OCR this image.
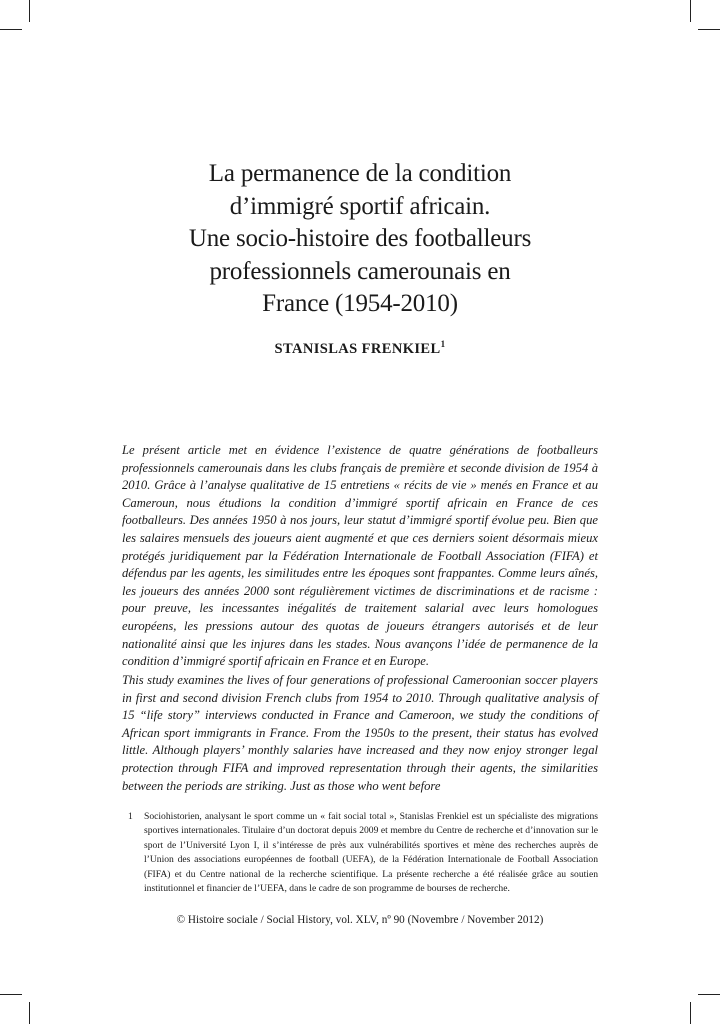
La permanence de la condition
d’immigré sportif africain.
Une socio-histoire des footballeurs
professionnels camerounais en
France (1954-2010)
STANISLAS FRENKIEL$^1$

Le présent article met en évidence l’existence de quatre générations de footballeurs professionnels camerounais dans les clubs français de première et seconde division de 1954 à 2010. Grâce à l’analyse qualitative de 15 entretiens « récits de vie » menés en France et au Cameroun, nous étudions la condition d’immigré sportif africain en France de ces footballeurs. Des années 1950 à nos jours, leur statut d’immigré sportif évolue peu. Bien que les salaires mensuels des joueurs aient augmenté et que ces derniers soient désormais mieux protégés juridiquement par la Fédération Internationale de Football Association (FIFA) et défendus par les agents, les similitudes entre les époques sont frappantes. Comme leurs aînés, les joueurs des années 2000 sont régulièrement victimes de discriminations et de racisme : pour preuve, les incessantes inégalités de traitement salarial avec leurs homologues européens, les pressions autour des quotas de joueurs étrangers autorisés et de leur nationalité ainsi que les injures dans les stades. Nous avançons l’idée de permanence de la condition d’immigré sportif africain en France et en Europe.

This study examines the lives of four generations of professional Cameroonian soccer players in first and second division French clubs from 1954 to 2010. Through qualitative analysis of 15 “life story” interviews conducted in France and Cameroon, we study the conditions of African sport immigrants in France. From the 1950s to the present, their status has evolved little. Although players’ monthly salaries have increased and they now enjoy stronger legal protection through FIFA and improved representation through their agents, the similarities between the periods are striking. Just as those who went before

1	Sociohistorien, analysant le sport comme un « fait social total », Stanislas Frenkiel est un spécialiste des migrations sportives internationales. Titulaire d’un doctorat depuis 2009 et membre du Centre de recherche et d’innovation sur le sport de l’Université Lyon I, il s’intéresse de près aux vulnérabilités sportives et mène des recherches auprès de l’Union des associations européennes de football (UEFA), de la Fédération Internationale de Football Association (FIFA) et du Centre national de la recherche scientifique. La présente recherche a été réalisée grâce au soutien institutionnel et financier de l’UEFA, dans le cadre de son programme de bourses de recherche.

© Histoire sociale / Social History, vol. XLV, nº 90 (Novembre / November 2012)
